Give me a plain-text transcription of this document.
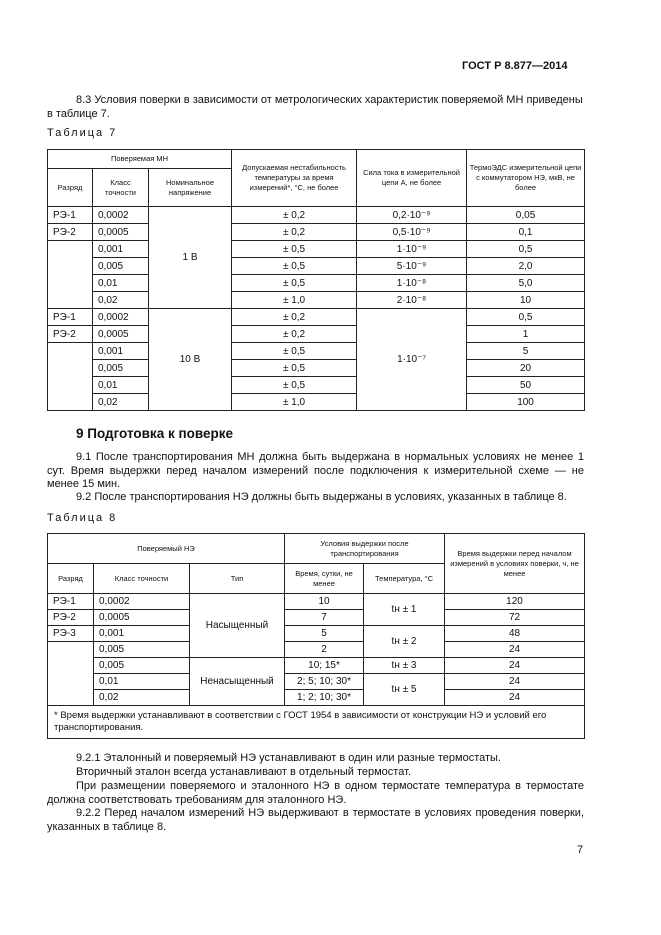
ГОСТ Р 8.877—2014

8.3 Условия поверки в зависимости от метрологических характеристик поверяемой МН приведены в таблице 7.

Таблица 7

Поверяемая МН			Допускаемая нестабильность температуры за время измерений*, °С, не более	Сила тока в измерительной цепи А, не более	ТермоЭДС измерительной цепи с коммутатором НЭ, мкВ, не более
Разряд	Класс точности	Номинальное напряжение			
РЭ-1	0,0002	1 В	± 0,2	0,2·10⁻⁹	0,05
РЭ-2	0,0005		± 0,2	0,5·10⁻⁹	0,1
	0,001		± 0,5	1·10⁻⁹	0,5
	0,005		± 0,5	5·10⁻⁹	2,0
	0,01		± 0,5	1·10⁻⁸	5,0
	0,02		± 1,0	2·10⁻⁸	10
РЭ-1	0,0002	10 В	± 0,2	1·10⁻⁷	0,5
РЭ-2	0,0005		± 0,2		1
	0,001		± 0,5		5
	0,005		± 0,5		20
	0,01		± 0,5		50
	0,02		± 1,0		100
9 Подготовка к поверке

9.1 После транспортирования МН должна быть выдержана в нормальных условиях не менее 1 сут. Время выдержки перед началом измерений после подключения к измерительной схеме — не менее 15 мин.

9.2 После транспортирования НЭ должны быть выдержаны в условиях, указанных в таблице 8.

Таблица 8

Поверяемый НЭ			Условия выдержки после транспортирования		Время выдержки перед началом измерений в условиях поверки, ч, не менее
Разряд	Класс точности	Тип	Время, сутки, не менее	Температура, °С	
РЭ-1	0,0002	Насыщенный	10	tн ± 1	120
РЭ-2	0,0005		7		72
РЭ-3	0,001		5	tн ± 2	48
	0,005		2		24
	0,005	Ненасыщенный	10; 15*	tн ± 3	24
	0,01		2; 5; 10; 30*	tн ± 5	24
	0,02		1; 2; 10; 30*		24
* Время выдержки устанавливают в соответствии с ГОСТ 1954 в зависимости от конструкции НЭ и условий его транспортирования.					

9.2.1 Эталонный и поверяемый НЭ устанавливают в один или разные термостаты.

Вторичный эталон всегда устанавливают в отдельный термостат.

При размещении поверяемого и эталонного НЭ в одном термостате температура в термостате должна соответствовать требованиям для эталонного НЭ.

9.2.2 Перед началом измерений НЭ выдерживают в термостате в условиях проведения поверки, указанных в таблице 8.

7
